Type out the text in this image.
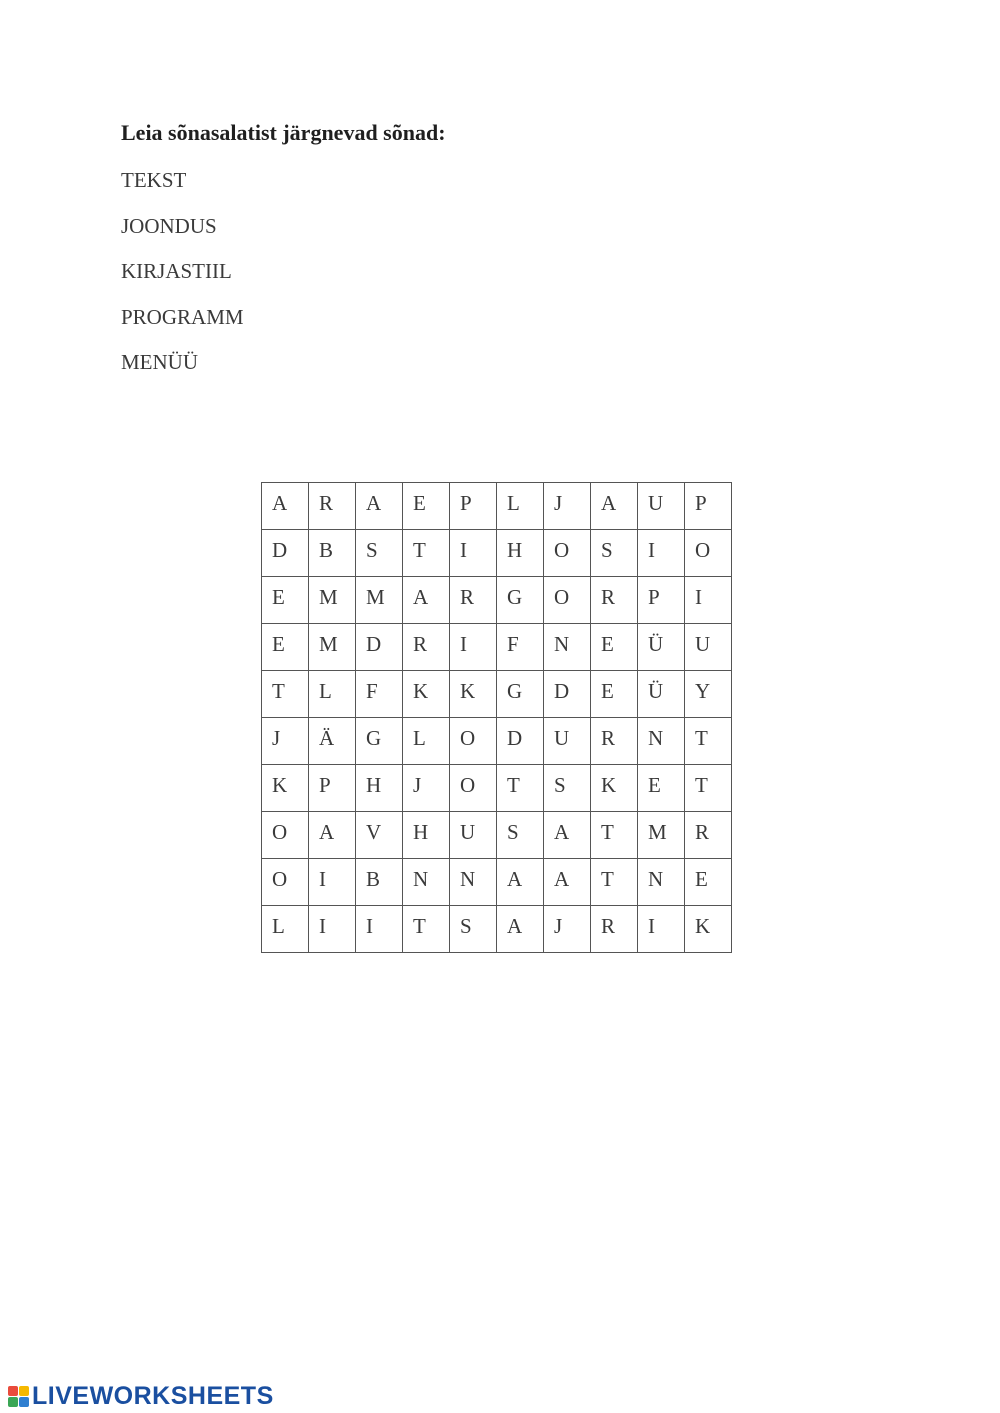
Leia sõnasalatist järgnevad sõnad:
TEKST
JOONDUS
KIRJASTIIL
PROGRAMM
MENÜÜ
A	R	A	E	P	L	J	A	U	P
D	B	S	T	I	H	O	S	I	O
E	M	M	A	R	G	O	R	P	I
E	M	D	R	I	F	N	E	Ü	U
T	L	F	K	K	G	D	E	Ü	Y
J	Ä	G	L	O	D	U	R	N	T
K	P	H	J	O	T	S	K	E	T
O	A	V	H	U	S	A	T	M	R
O	I	B	N	N	A	A	T	N	E
L	I	I	T	S	A	J	R	I	K
LIVEWORKSHEETS
